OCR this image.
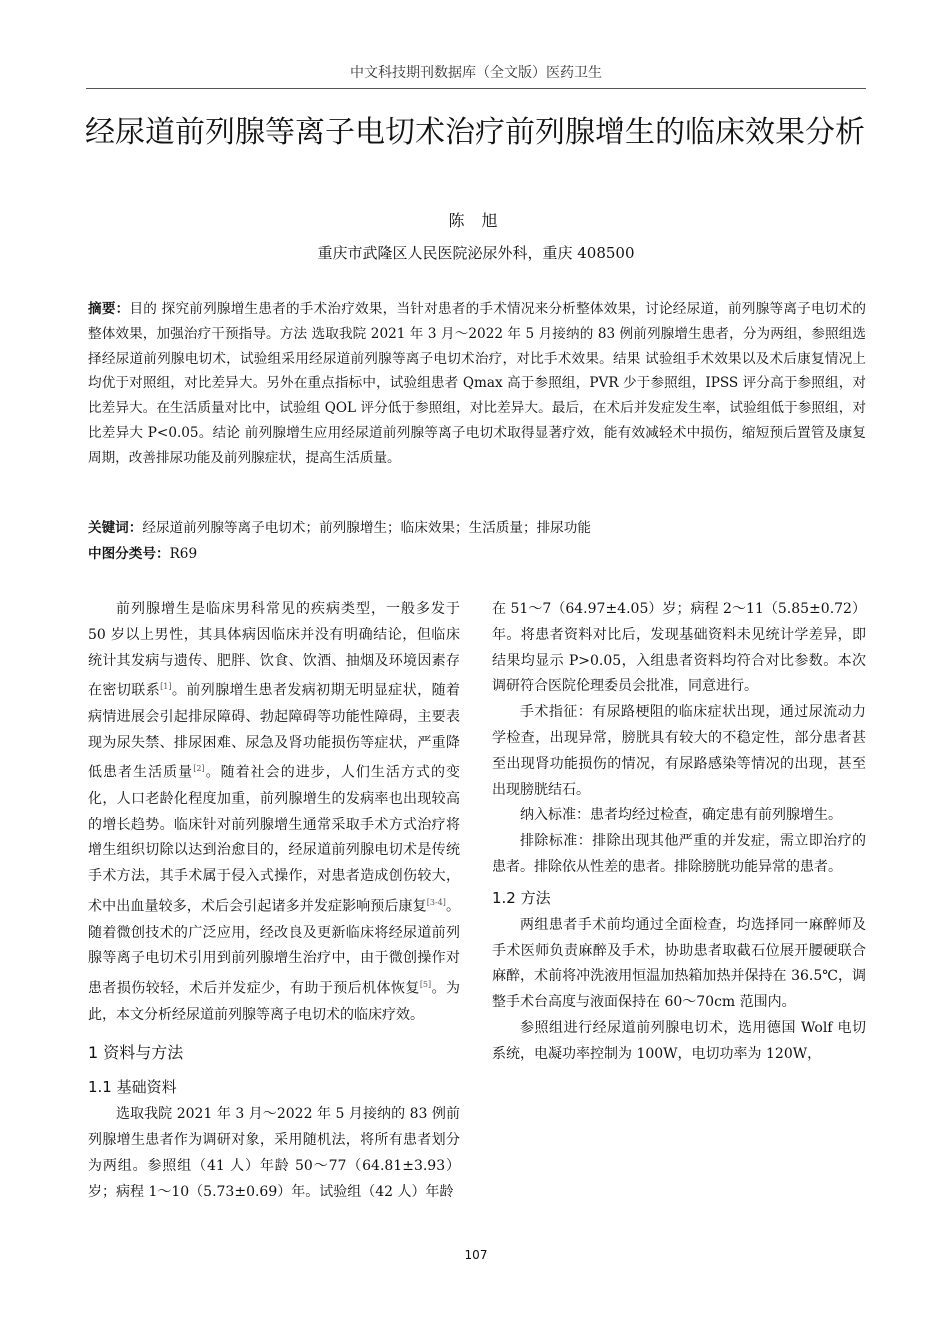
中文科技期刊数据库（全文版）医药卫生
经尿道前列腺等离子电切术治疗前列腺增生的临床效果分析
陈 旭
重庆市武隆区人民医院泌尿外科，重庆 408500
摘要：目的 探究前列腺增生患者的手术治疗效果，当针对患者的手术情况来分析整体效果，讨论经尿道，前列腺等离子电切术的整体效果，加强治疗干预指导。方法 选取我院 2021 年 3 月～2022 年 5 月接纳的 83 例前列腺增生患者，分为两组，参照组选择经尿道前列腺电切术，试验组采用经尿道前列腺等离子电切术治疗，对比手术效果。结果 试验组手术效果以及术后康复情况上均优于对照组，对比差异大。另外在重点指标中，试验组患者 Qmax 高于参照组，PVR 少于参照组，IPSS 评分高于参照组，对比差异大。在生活质量对比中，试验组 QOL 评分低于参照组，对比差异大。最后，在术后并发症发生率，试验组低于参照组，对比差异大 P<0.05。结论 前列腺增生应用经尿道前列腺等离子电切术取得显著疗效，能有效减轻术中损伤，缩短预后置管及康复周期，改善排尿功能及前列腺症状，提高生活质量。
关键词：经尿道前列腺等离子电切术；前列腺增生；临床效果；生活质量；排尿功能
中图分类号：R69

前列腺增生是临床男科常见的疾病类型，一般多发于 50 岁以上男性，其具体病因临床并没有明确结论，但临床统计其发病与遗传、肥胖、饮食、饮酒、抽烟及环境因素存在密切联系[1]。前列腺增生患者发病初期无明显症状，随着病情进展会引起排尿障碍、勃起障碍等功能性障碍，主要表现为尿失禁、排尿困难、尿急及肾功能损伤等症状，严重降低患者生活质量[2]。随着社会的进步，人们生活方式的变化，人口老龄化程度加重，前列腺增生的发病率也出现较高的增长趋势。临床针对前列腺增生通常采取手术方式治疗将增生组织切除以达到治愈目的，经尿道前列腺电切术是传统手术方法，其手术属于侵入式操作，对患者造成创伤较大，术中出血量较多，术后会引起诸多并发症影响预后康复[3-4]。随着微创技术的广泛应用，经改良及更新临床将经尿道前列腺等离子电切术引用到前列腺增生治疗中，由于微创操作对患者损伤较轻，术后并发症少，有助于预后机体恢复[5]。为此，本文分析经尿道前列腺等离子电切术的临床疗效。

1 资料与方法
1.1 基础资料

选取我院 2021 年 3 月～2022 年 5 月接纳的 83 例前列腺增生患者作为调研对象，采用随机法，将所有患者划分为两组。参照组（41 人）年龄 50～77（64.81±3.93）岁；病程 1～10（5.73±0.69）年。试验组（42 人）年龄

在 51～7（64.97±4.05）岁；病程 2～11（5.85±0.72）年。将患者资料对比后，发现基础资料未见统计学差异，即结果均显示 P>0.05，入组患者资料均符合对比参数。本次调研符合医院伦理委员会批准，同意进行。

手术指征：有尿路梗阻的临床症状出现，通过尿流动力学检查，出现异常，膀胱具有较大的不稳定性，部分患者甚至出现肾功能损伤的情况，有尿路感染等情况的出现，甚至出现膀胱结石。

纳入标准：患者均经过检查，确定患有前列腺增生。

排除标准：排除出现其他严重的并发症，需立即治疗的患者。排除依从性差的患者。排除膀胱功能异常的患者。

1.2 方法

两组患者手术前均通过全面检查，均选择同一麻醉师及手术医师负责麻醉及手术，协助患者取截石位展开腰硬联合麻醉，术前将冲洗液用恒温加热箱加热并保持在 36.5℃，调整手术台高度与液面保持在 60～70cm 范围内。

参照组进行经尿道前列腺电切术，选用德国 Wolf 电切系统，电凝功率控制为 100W，电切功率为 120W，

107
